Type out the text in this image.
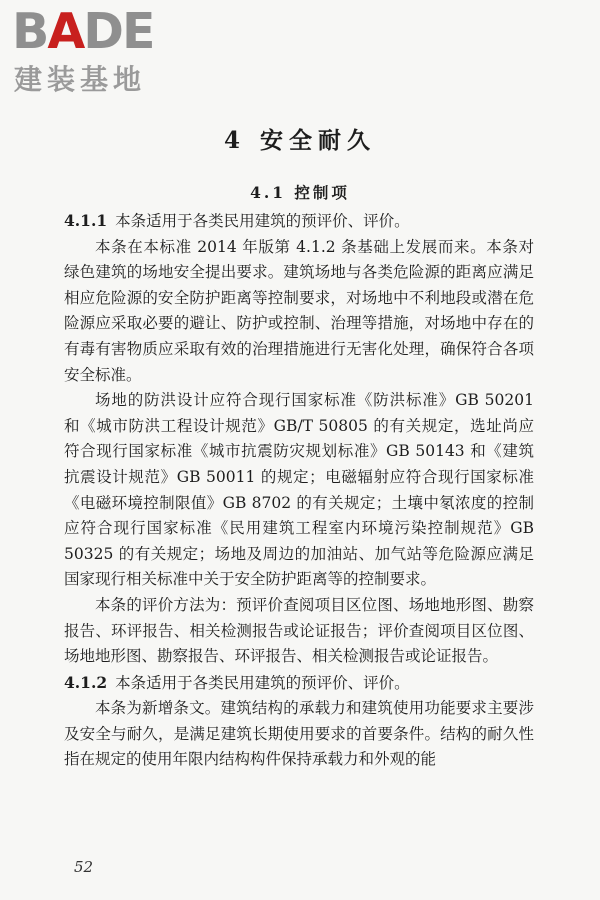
BADE
建装基地
4 安全耐久
4.1 控制项

4.1.1 本条适用于各类民用建筑的预评价、评价。

本条在本标准 2014 年版第 4.1.2 条基础上发展而来。本条对绿色建筑的场地安全提出要求。建筑场地与各类危险源的距离应满足相应危险源的安全防护距离等控制要求，对场地中不利地段或潜在危险源应采取必要的避让、防护或控制、治理等措施，对场地中存在的有毒有害物质应采取有效的治理措施进行无害化处理，确保符合各项安全标准。

场地的防洪设计应符合现行国家标准《防洪标准》GB 50201 和《城市防洪工程设计规范》GB/T 50805 的有关规定，选址尚应符合现行国家标准《城市抗震防灾规划标准》GB 50143 和《建筑抗震设计规范》GB 50011 的规定；电磁辐射应符合现行国家标准《电磁环境控制限值》GB 8702 的有关规定；土壤中氡浓度的控制应符合现行国家标准《民用建筑工程室内环境污染控制规范》GB 50325 的有关规定；场地及周边的加油站、加气站等危险源应满足国家现行相关标准中关于安全防护距离等的控制要求。

本条的评价方法为：预评价查阅项目区位图、场地地形图、勘察报告、环评报告、相关检测报告或论证报告；评价查阅项目区位图、场地地形图、勘察报告、环评报告、相关检测报告或论证报告。

4.1.2 本条适用于各类民用建筑的预评价、评价。

本条为新增条文。建筑结构的承载力和建筑使用功能要求主要涉及安全与耐久，是满足建筑长期使用要求的首要条件。结构的耐久性指在规定的使用年限内结构构件保持承载力和外观的能

52
